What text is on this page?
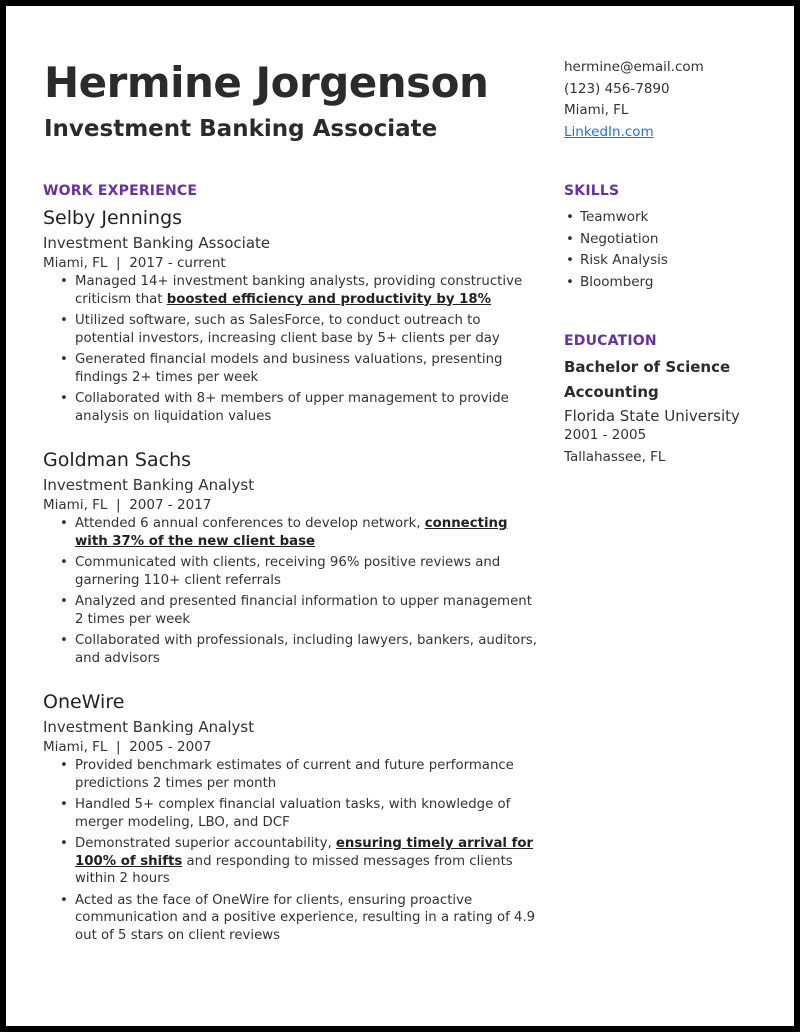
Hermine Jorgenson
Investment Banking Associate
hermine@email.com
(123) 456-7890
Miami, FL
LinkedIn.com
WORK EXPERIENCE
Selby Jennings
Investment Banking Associate
Miami, FL | 2017 - current
• Managed 14+ investment banking analysts, providing constructive criticism that boosted efficiency and productivity by 18%
• Utilized software, such as SalesForce, to conduct outreach to potential investors, increasing client base by 5+ clients per day
• Generated financial models and business valuations, presenting findings 2+ times per week
• Collaborated with 8+ members of upper management to provide analysis on liquidation values
Goldman Sachs
Investment Banking Analyst
Miami, FL | 2007 - 2017
• Attended 6 annual conferences to develop network, connecting with 37% of the new client base
• Communicated with clients, receiving 96% positive reviews and garnering 110+ client referrals
• Analyzed and presented financial information to upper management 2 times per week
• Collaborated with professionals, including lawyers, bankers, auditors, and advisors
OneWire
Investment Banking Analyst
Miami, FL | 2005 - 2007
• Provided benchmark estimates of current and future performance predictions 2 times per month
• Handled 5+ complex financial valuation tasks, with knowledge of merger modeling, LBO, and DCF
• Demonstrated superior accountability, ensuring timely arrival for 100% of shifts and responding to missed messages from clients within 2 hours
• Acted as the face of OneWire for clients, ensuring proactive communication and a positive experience, resulting in a rating of 4.9 out of 5 stars on client reviews
SKILLS
• Teamwork
• Negotiation
• Risk Analysis
• Bloomberg
EDUCATION
Bachelor of Science
Accounting
Florida State University
2001 - 2005
Tallahassee, FL
